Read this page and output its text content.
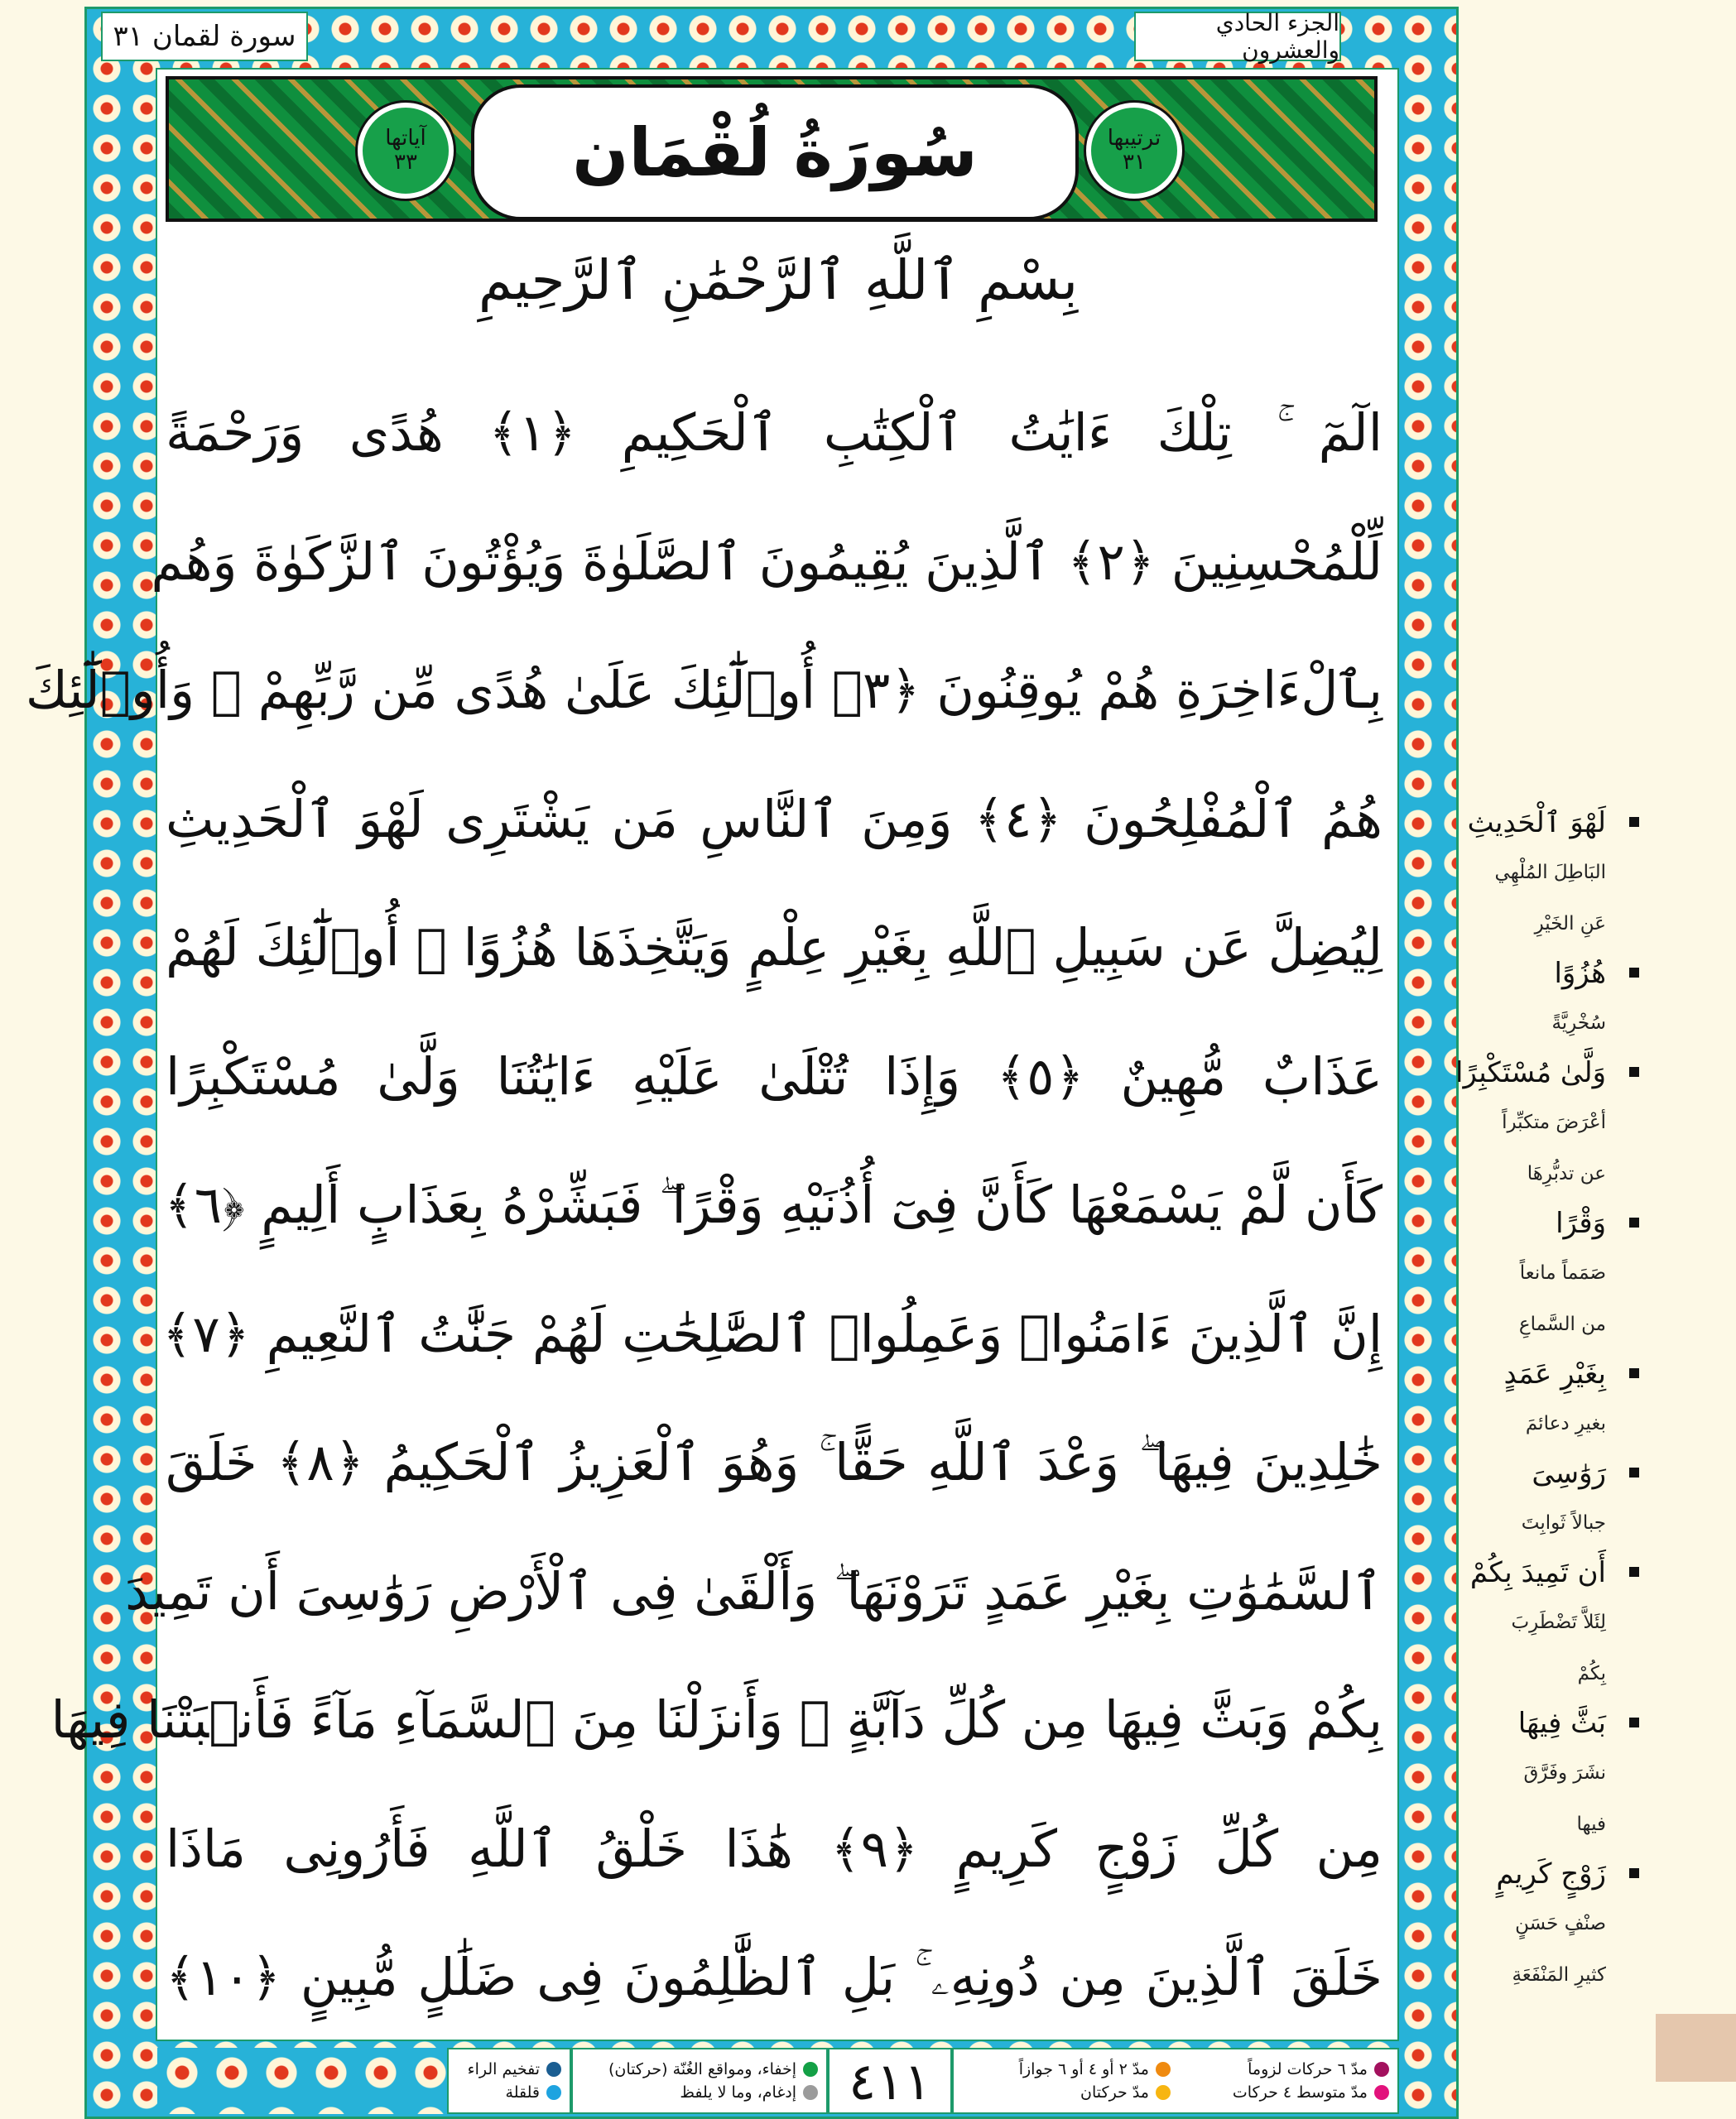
سورة لقمان ٣١	الجزء الحادي والعشرون
آياتها
٣٣	سُورَةُ لُقْمَان	ترتيبها
٣١
بِسْمِ ٱللَّهِ ٱلرَّحْمَٰنِ ٱلرَّحِيمِ
الٓمٓ ۚ تِلْكَ ءَايَٰتُ ٱلْكِتَٰبِ ٱلْحَكِيمِ ﴿١﴾ هُدًى وَرَحْمَةً
لِّلْمُحْسِنِينَ ﴿٢﴾ ٱلَّذِينَ يُقِيمُونَ ٱلصَّلَوٰةَ وَيُؤْتُونَ ٱلزَّكَوٰةَ وَهُم
بِٱلْءَاخِرَةِ هُمْ يُوقِنُونَ ﴿٣﴾ أُو۟لَٰٓئِكَ عَلَىٰ هُدًى مِّن رَّبِّهِمْ ۖ وَأُو۟لَٰٓئِكَ
هُمُ ٱلْمُفْلِحُونَ ﴿٤﴾ وَمِنَ ٱلنَّاسِ مَن يَشْتَرِى لَهْوَ ٱلْحَدِيثِ
لِيُضِلَّ عَن سَبِيلِ ٱللَّهِ بِغَيْرِ عِلْمٍ وَيَتَّخِذَهَا هُزُوًا ۚ أُو۟لَٰٓئِكَ لَهُمْ
عَذَابٌ مُّهِينٌ ﴿٥﴾ وَإِذَا تُتْلَىٰ عَلَيْهِ ءَايَٰتُنَا وَلَّىٰ مُسْتَكْبِرًا
كَأَن لَّمْ يَسْمَعْهَا كَأَنَّ فِىٓ أُذُنَيْهِ وَقْرًا ۖ فَبَشِّرْهُ بِعَذَابٍ أَلِيمٍ ﴿٦﴾
إِنَّ ٱلَّذِينَ ءَامَنُوا۟ وَعَمِلُوا۟ ٱلصَّٰلِحَٰتِ لَهُمْ جَنَّٰتُ ٱلنَّعِيمِ ﴿٧﴾
خَٰلِدِينَ فِيهَا ۖ وَعْدَ ٱللَّهِ حَقًّا ۚ وَهُوَ ٱلْعَزِيزُ ٱلْحَكِيمُ ﴿٨﴾ خَلَقَ
ٱلسَّمَٰوَٰتِ بِغَيْرِ عَمَدٍ تَرَوْنَهَا ۖ وَأَلْقَىٰ فِى ٱلْأَرْضِ رَوَٰسِىَ أَن تَمِيدَ
بِكُمْ وَبَثَّ فِيهَا مِن كُلِّ دَآبَّةٍ ۚ وَأَنزَلْنَا مِنَ ٱلسَّمَآءِ مَآءً فَأَنۢبَتْنَا فِيهَا
مِن كُلِّ زَوْجٍ كَرِيمٍ ﴿٩﴾ هَٰذَا خَلْقُ ٱللَّهِ فَأَرُونِى مَاذَا
خَلَقَ ٱلَّذِينَ مِن دُونِهِۦ ۚ بَلِ ٱلظَّٰلِمُونَ فِى ضَلَٰلٍ مُّبِينٍ ﴿١٠﴾
مدّ ٦ حركات لزوماً
مدّ ٢ أو ٤ أو ٦ جوازاً
مدّ متوسط ٤ حركات
مدّ حركتان
٤١١
إخفاء، ومواقع الغُنّة (حركتان)
إدغام، وما لا يلفظ
تفخيم الراء
قلقلة
لَهْوَ ٱلْحَدِيثِ
البَاطِلَ المُلْهِي
عَنِ الخَيْرِ
هُزُوًا
سُخْرِيَّةً
وَلَّىٰ مُسْتَكْبِرًا
أعْرَضَ متكبِّراً
عن تدبُّرِهَا
وَقْرًا
صَمَماً مانعاً
من السَّماعِ
بِغَيْرِ عَمَدٍ
بغيرِ دعائمَ
رَوَٰسِىَ
جبالاً ثَوابِتَ
أَن تَمِيدَ بِكُمْ
لِئَلاَّ تَضْطَرِبَ
بِكُمْ
بَثَّ فِيهَا
نشَرَ وفَرَّقَ
فيها
زَوْجٍ كَرِيمٍ
صنْفٍ حَسَنٍ
كثيرِ المَنْفَعَةِ
